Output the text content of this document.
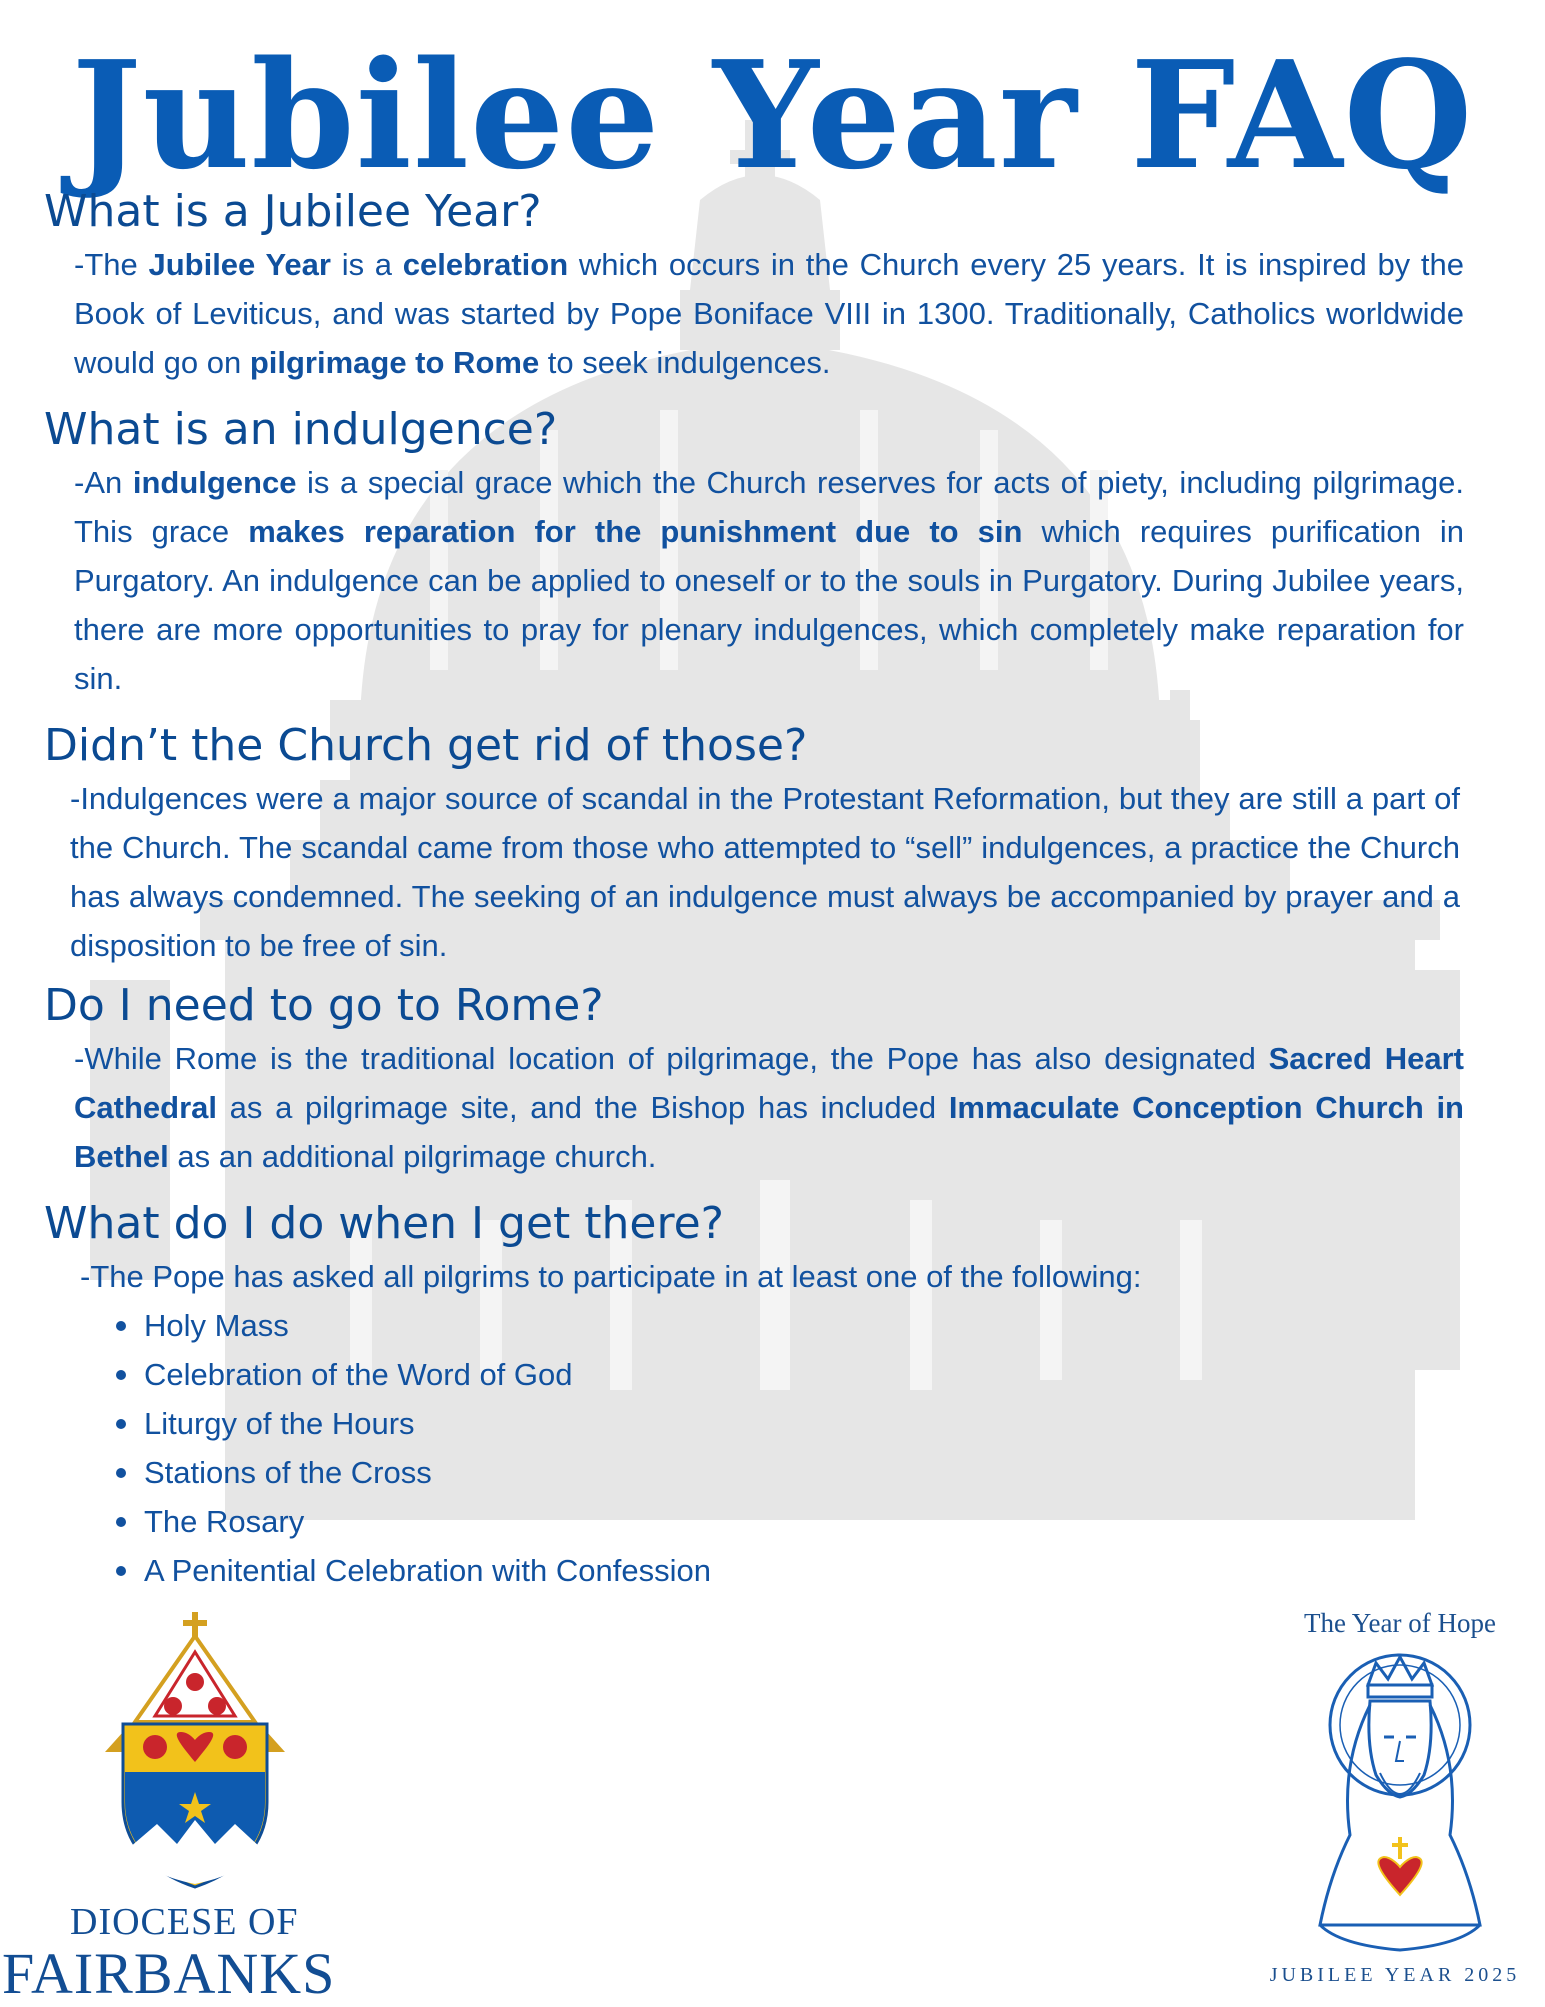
Jubilee Year FAQ
What is a Jubilee Year?

-The Jubilee Year is a celebration which occurs in the Church every 25 years. It is inspired by the Book of Leviticus, and was started by Pope Boniface VIII in 1300. Traditionally, Catholics worldwide would go on pilgrimage to Rome to seek indulgences.

What is an indulgence?

-An indulgence is a special grace which the Church reserves for acts of piety, including pilgrimage. This grace makes reparation for the punishment due to sin which requires purification in Purgatory. An indulgence can be applied to oneself or to the souls in Purgatory. During Jubilee years, there are more opportunities to pray for plenary indulgences, which completely make reparation for sin.

Didn’t the Church get rid of those?

-Indulgences were a major source of scandal in the Protestant Reformation, but they are still a part of the Church. The scandal came from those who attempted to “sell” indulgences, a practice the Church has always condemned. The seeking of an indulgence must always be accompanied by prayer and a disposition to be free of sin.

Do I need to go to Rome?

-While Rome is the traditional location of pilgrimage, the Pope has also designated Sacred Heart Cathedral as a pilgrimage site, and the Bishop has included Immaculate Conception Church in Bethel as an additional pilgrimage church.

What do I do when I get there?

-The Pope has asked all pilgrims to participate in at least one of the following:

Holy Mass
Celebration of the Word of God
Liturgy of the Hours
Stations of the Cross
The Rosary
A Penitential Celebration with Confession
DIOCESE OF
FAIRBANKS
The Year of Hope
JUBILEE YEAR 2025
